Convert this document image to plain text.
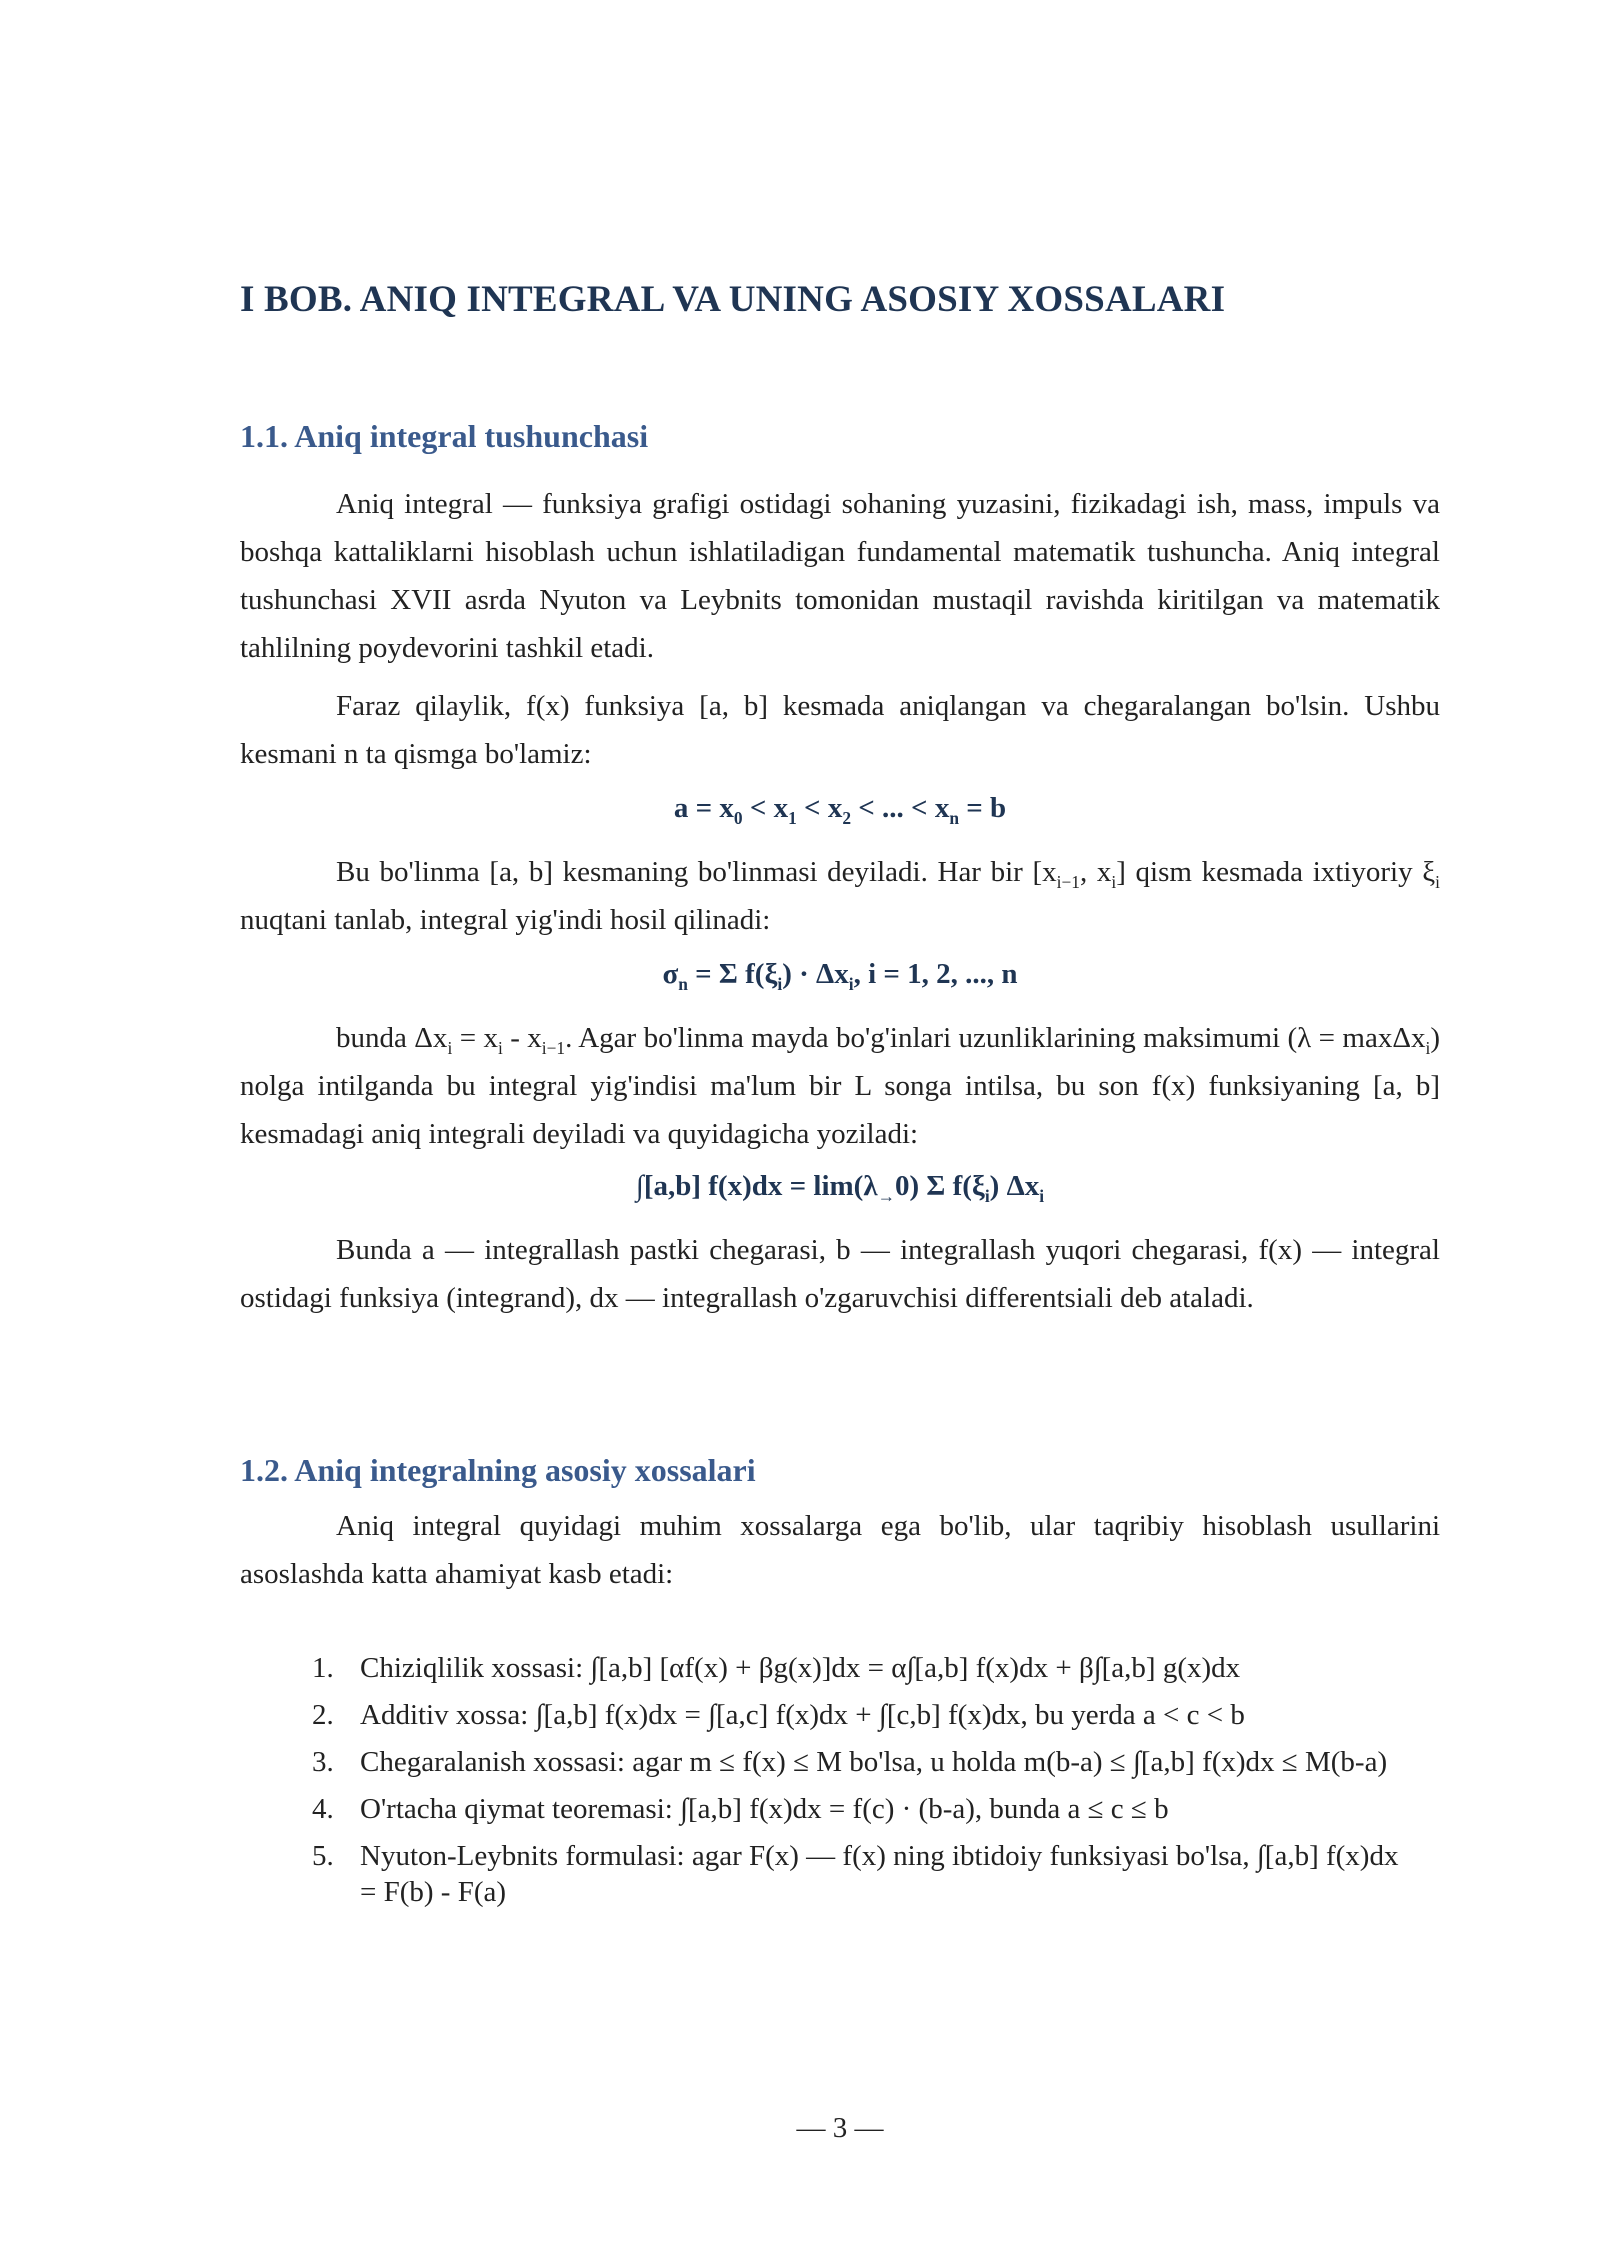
I BOB. ANIQ INTEGRAL VA UNING ASOSIY XOSSALARI
1.1. Aniq integral tushunchasi

Aniq integral — funksiya grafigi ostidagi sohaning yuzasini, fizikadagi ish, mass, impuls va boshqa kattaliklarni hisoblash uchun ishlatiladigan fundamental matematik tushuncha. Aniq integral tushunchasi XVII asrda Nyuton va Leybnits tomonidan mustaqil ravishda kiritilgan va matematik tahlilning poydevorini tashkil etadi.

Faraz qilaylik, f(x) funksiya [a, b] kesmada aniqlangan va chegaralangan bo'lsin. Ushbu kesmani n ta qismga bo'lamiz:

$a = x_0 < x_1 < x_2$ < ... < $x_n = b$

Bu bo'linma [a, b] kesmaning bo'linmasi deyiladi. Har bir [$x_{i-1}$, $x_i$] qism kesmada ixtiyoriy $\xi_i$ nuqtani tanlab, integral yig'indi hosil qilinadi:

$\sigma_n = \Sigma$ $f(\xi_i) \cdot \Delta x_i$, i = 1, 2, ..., n

bunda $\Delta x_i = x_i - x_{i-1}$. Agar bo'linma mayda bo'g'inlari uzunliklarining maksimumi (λ = maxΔx$_i$) nolga intilganda bu integral yig'indisi ma'lum bir L songa intilsa, bu son f(x) funksiyaning [a, b] kesmadagi aniq integrali deyiladi va quyidagicha yoziladi:

∫[a,b] $f(x)dx = \lim(\lambda_\to 0)$ Σ $f(\xi_i)$ $\Delta x_i$

Bunda a — integrallash pastki chegarasi, b — integrallash yuqori chegarasi, f(x) — integral ostidagi funksiya (integrand), dx — integrallash o'zgaruvchisi differentsiali deb ataladi.

1.2. Aniq integralning asosiy xossalari

Aniq integral quyidagi muhim xossalarga ega bo'lib, ular taqribiy hisoblash usullarini asoslashda katta ahamiyat kasb etadi:

1. Chiziqlilik xossasi: ∫[a,b] [αf(x) + βg(x)]dx = α∫[a,b] f(x)dx + β∫[a,b] g(x)dx
2. Additiv xossa: ∫[a,b] f(x)dx = ∫[a,c] f(x)dx + ∫[c,b] f(x)dx, bu yerda a < c < b
3. Chegaralanish xossasi: agar m ≤ f(x) ≤ M bo'lsa, u holda m(b-a) ≤ ∫[a,b] f(x)dx ≤ M(b-a)
4. O'rtacha qiymat teoremasi: ∫[a,b] f(x)dx = f(c) · (b-a), bunda a ≤ c ≤ b
5. Nyuton-Leybnits formulasi: agar F(x) — f(x) ning ibtidoiy funksiyasi bo'lsa, ∫[a,b] f(x)dx = F(b) - F(a)
— 3 —
